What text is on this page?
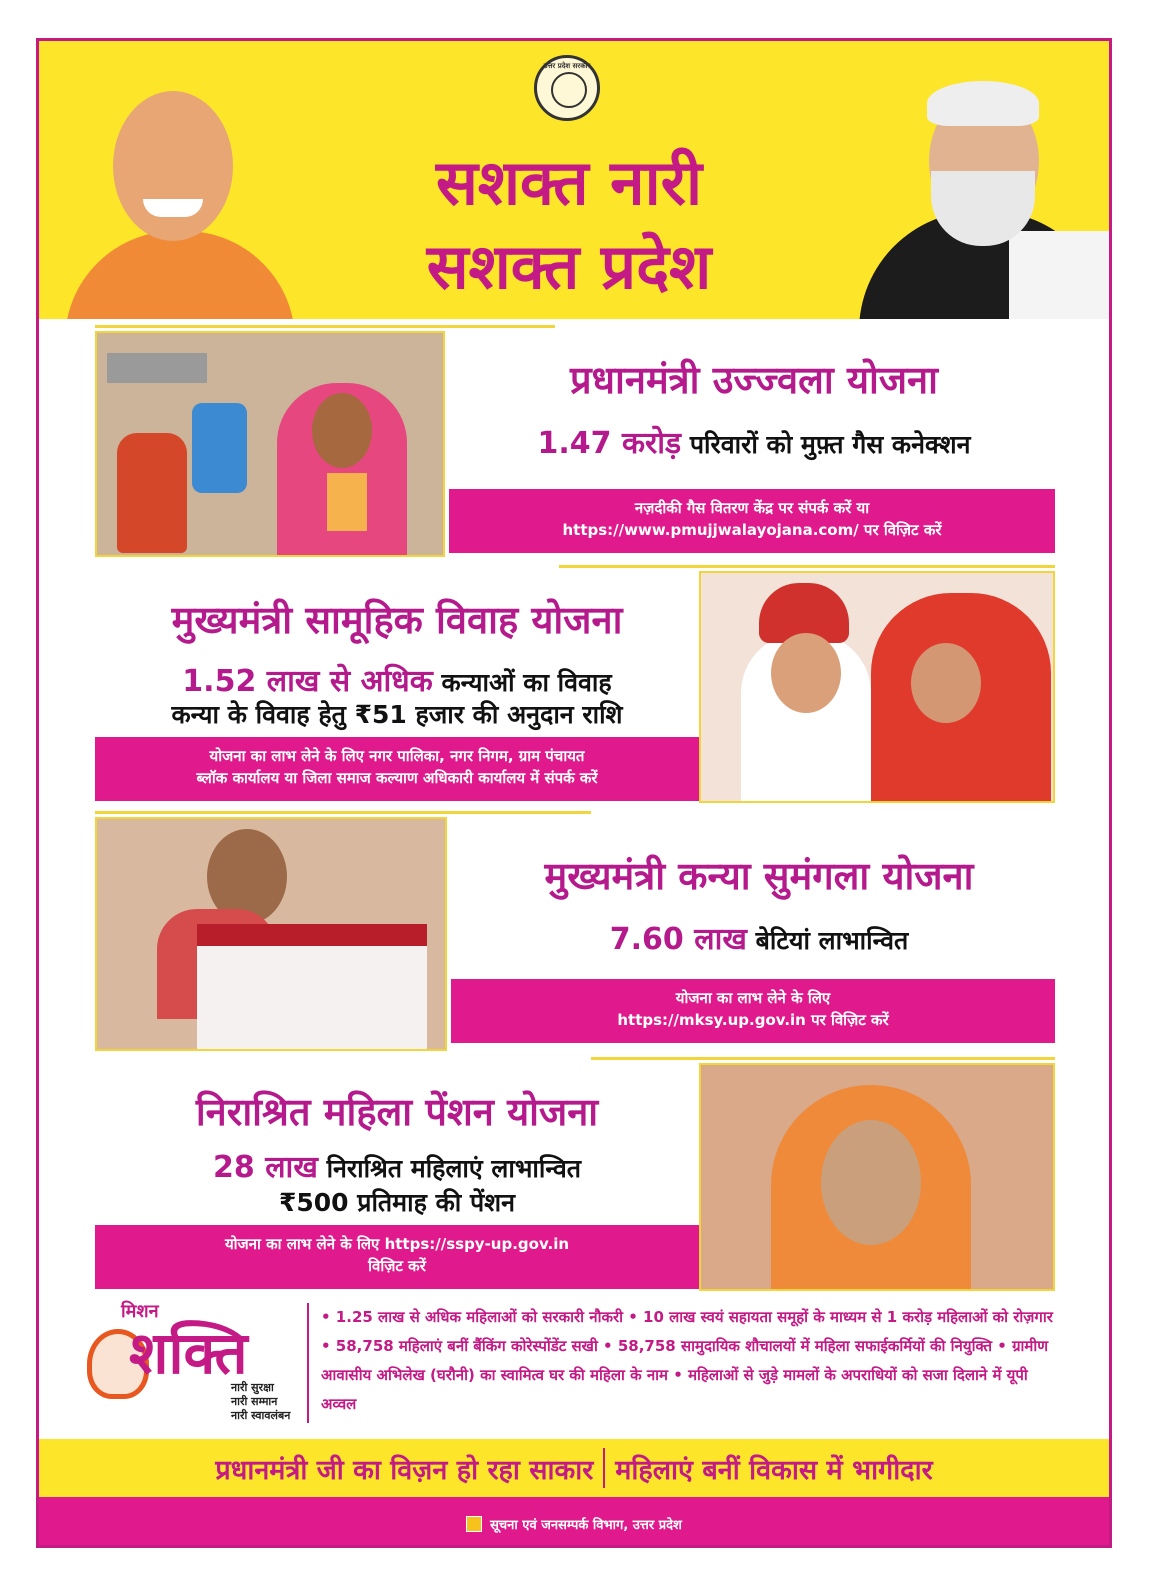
उत्तर प्रदेश सरकार
सशक्त नारी
सशक्त प्रदेश
प्रधानमंत्री उज्ज्वला योजना
1.47 करोड़ परिवारों को मुफ़्त गैस कनेक्शन
नज़दीकी गैस वितरण केंद्र पर संपर्क करें या
https://www.pmujjwalayojana.com/ पर विज़िट करें
मुख्यमंत्री सामूहिक विवाह योजना
1.52 लाख से अधिक कन्याओं का विवाह
कन्या के विवाह हेतु ₹51 हजार की अनुदान राशि
योजना का लाभ लेने के लिए नगर पालिका, नगर निगम, ग्राम पंचायत
ब्लॉक कार्यालय या जिला समाज कल्याण अधिकारी कार्यालय में संपर्क करें
मुख्यमंत्री कन्या सुमंगला योजना
7.60 लाख बेटियां लाभान्वित
योजना का लाभ लेने के लिए
https://mksy.up.gov.in पर विज़िट करें
निराश्रित महिला पेंशन योजना
28 लाख निराश्रित महिलाएं लाभान्वित
₹500 प्रतिमाह की पेंशन
योजना का लाभ लेने के लिए https://sspy-up.gov.in
विज़िट करें
मिशन
शक्ति
नारी सुरक्षा
नारी सम्मान
नारी स्वावलंबन
• 1.25 लाख से अधिक महिलाओं को सरकारी नौकरी • 10 लाख स्वयं सहायता समूहों के माध्यम से 1 करोड़ महिलाओं को रोज़गार • 58,758 महिलाएं बनीं बैंकिंग कोरेस्पोंडेंट सखी • 58,758 सामुदायिक शौचालयों में महिला सफाईकर्मियों की नियुक्ति • ग्रामीण आवासीय अभिलेख (घरौनी) का स्वामित्व घर की महिला के नाम • महिलाओं से जुड़े मामलों के अपराधियों को सजा दिलाने में यूपी अव्वल
प्रधानमंत्री जी का विज़न हो रहा साकार महिलाएं बनीं विकास में भागीदार
सूचना एवं जनसम्पर्क विभाग, उत्तर प्रदेश
